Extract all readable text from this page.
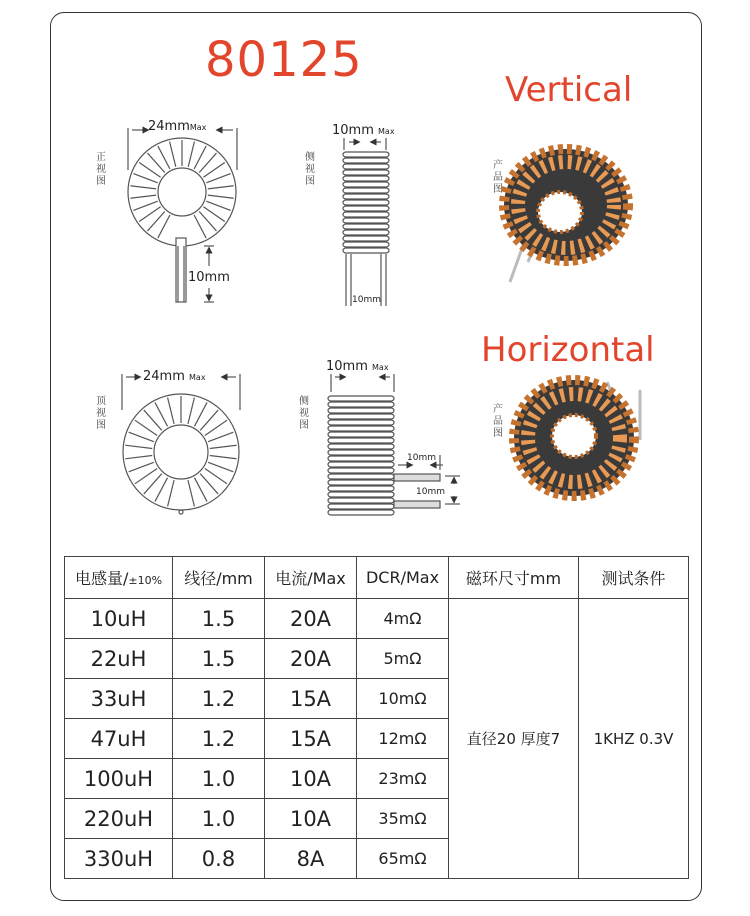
80125
Vertical
Horizontal
正
视
图
侧
视
图
产
品
图
顶
视
图
侧
视
图
产
品
图
24mmMax	10mm Max
10mm
10mm
24mm Max
10mm Max
10mm
10mm
电感量/±10%	线径/mm	电流/Max	DCR/Max	磁环尺寸mm	测试条件
10uH	1.5	20A	4mΩ	直径20 厚度7	1KHZ 0.3V
22uH	1.5	20A	5mΩ		
33uH	1.2	15A	10mΩ		
47uH	1.2	15A	12mΩ		
100uH	1.0	10A	23mΩ		
220uH	1.0	10A	35mΩ		
330uH	0.8	8A	65mΩ		
